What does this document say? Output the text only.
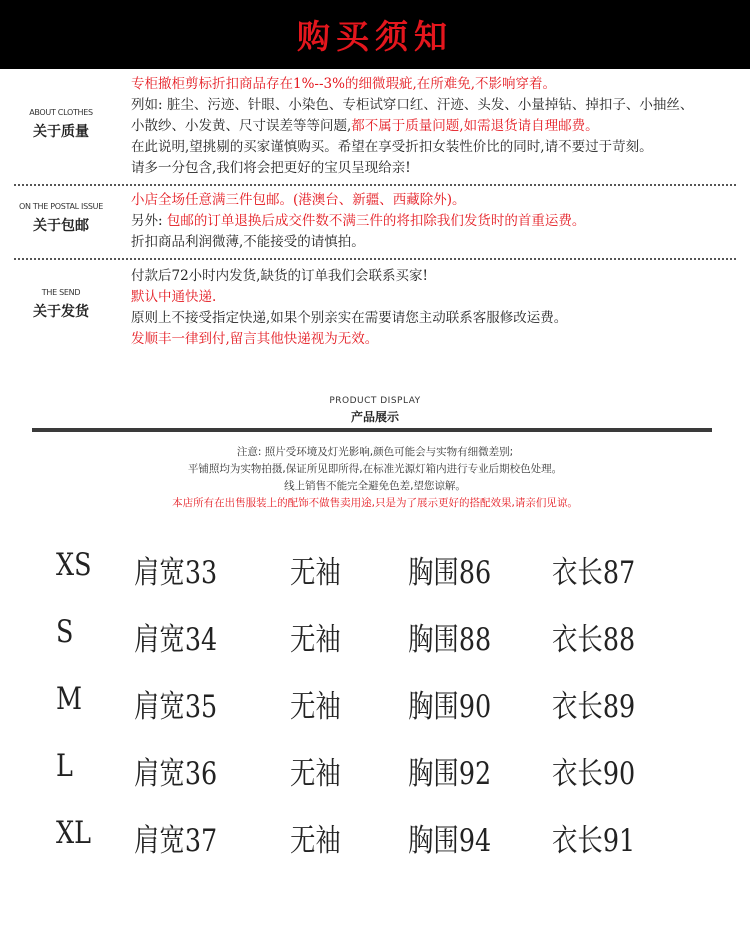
购买须知
ABOUT CLOTHES
关于质量
专柜撤柜剪标折扣商品存在1%--3%的细微瑕疵,在所难免,不影响穿着。
列如: 脏尘、污迹、针眼、小染色、专柜试穿口红、汗迹、头发、小量掉钻、掉扣子、小抽丝、
小散纱、小发黄、尺寸误差等等问题,都不属于质量问题,如需退货请自理邮费。
在此说明,望挑剔的买家谨慎购买。希望在享受折扣女装性价比的同时,请不要过于苛刻。
请多一分包含,我们将会把更好的宝贝呈现给亲!
ON THE POSTAL ISSUE
关于包邮
小店全场任意满三件包邮。(港澳台、新疆、西藏除外)。
另外: 包邮的订单退换后成交件数不满三件的将扣除我们发货时的首重运费。
折扣商品利润微薄,不能接受的请慎拍。
THE SEND
关于发货
付款后72小时内发货,缺货的订单我们会联系买家!
默认中通快递.
原则上不接受指定快递,如果个别亲实在需要请您主动联系客服修改运费。
发顺丰一律到付,留言其他快递视为无效。
PRODUCT DISPLAY
产品展示
注意: 照片受环境及灯光影响,颜色可能会与实物有细微差别;
平铺照均为实物拍摄,保证所见即所得,在标准光源灯箱内进行专业后期校色处理。
线上销售不能完全避免色差,望您谅解。
本店所有在出售服装上的配饰不做售卖用途,只是为了展示更好的搭配效果,请亲们见谅。
XS 肩宽33 无袖 胸围86 衣长87
S 肩宽34 无袖 胸围88 衣长88
M 肩宽35 无袖 胸围90 衣长89
L 肩宽36 无袖 胸围92 衣长90
XL 肩宽37 无袖 胸围94 衣长91
